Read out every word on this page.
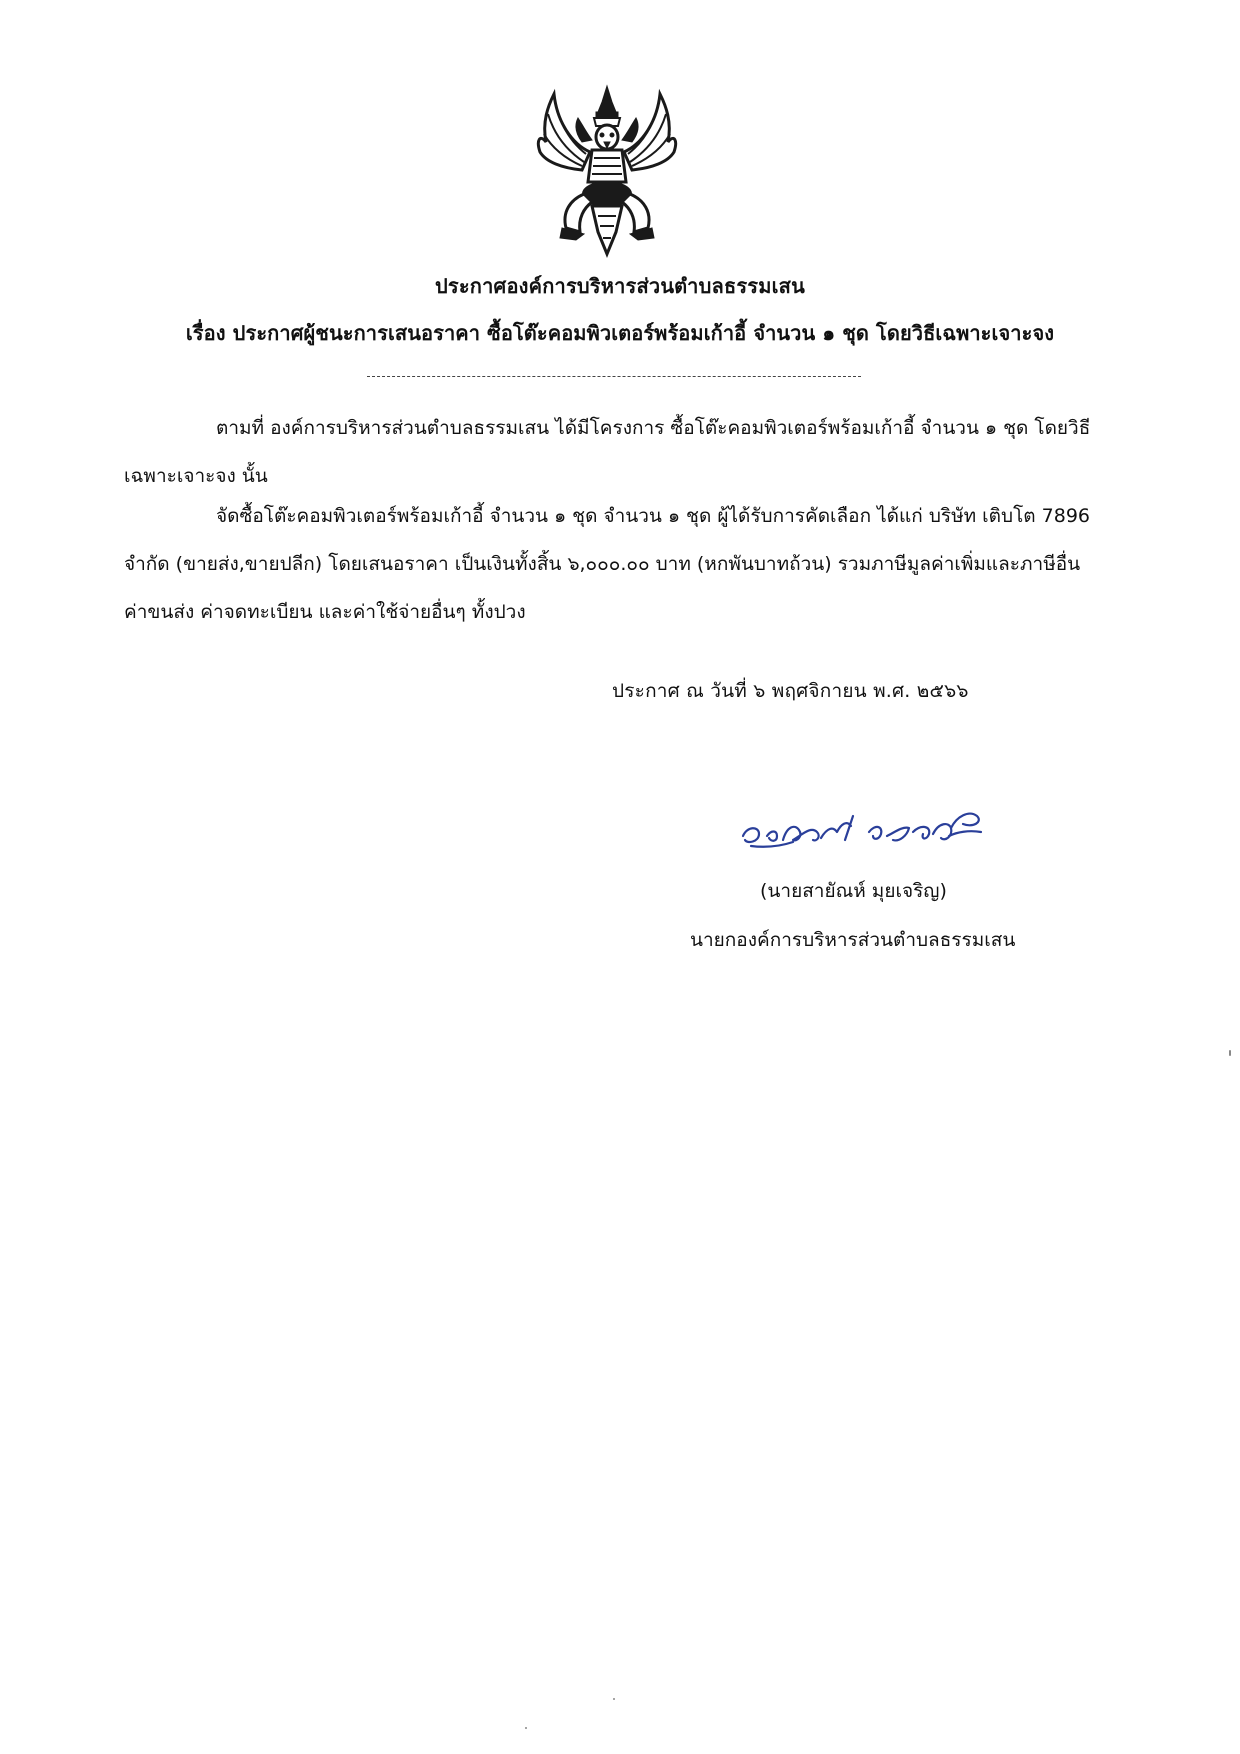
ประกาศองค์การบริหารส่วนตำบลธรรมเสน
เรื่อง ประกาศผู้ชนะการเสนอราคา ซื้อโต๊ะคอมพิวเตอร์พร้อมเก้าอี้ จำนวน ๑ ชุด โดยวิธีเฉพาะเจาะจง
ตามที่ องค์การบริหารส่วนตำบลธรรมเสน ได้มีโครงการ ซื้อโต๊ะคอมพิวเตอร์พร้อมเก้าอี้ จำนวน ๑ ชุด โดยวิธีเฉพาะเจาะจง นั้น
จัดซื้อโต๊ะคอมพิวเตอร์พร้อมเก้าอี้ จำนวน ๑ ชุด จำนวน ๑ ชุด ผู้ได้รับการคัดเลือก ได้แก่ บริษัท เติบโต 7896 จำกัด (ขายส่ง,ขายปลีก) โดยเสนอราคา เป็นเงินทั้งสิ้น ๖,๐๐๐.๐๐ บาท (หกพันบาทถ้วน) รวมภาษีมูลค่าเพิ่มและภาษีอื่น ค่าขนส่ง ค่าจดทะเบียน และค่าใช้จ่ายอื่นๆ ทั้งปวง
ประกาศ ณ วันที่ ๖ พฤศจิกายน พ.ศ. ๒๕๖๖
(นายสายัณห์ มุยเจริญ)
นายกองค์การบริหารส่วนตำบลธรรมเสน
